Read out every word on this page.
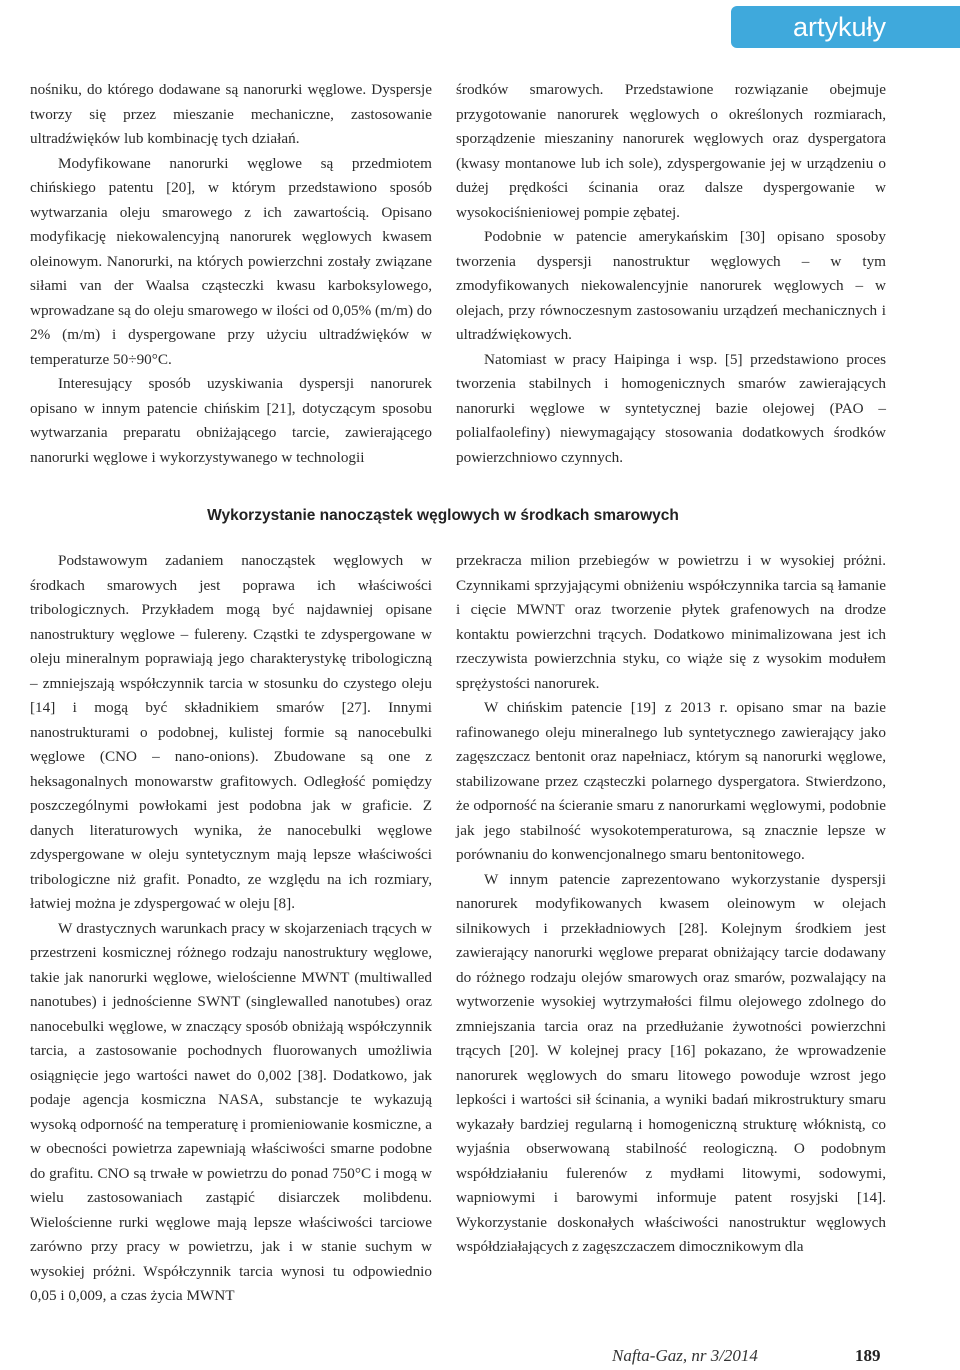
artykuły

nośniku, do którego dodawane są nanorurki węglowe. Dyspersje tworzy się przez mieszanie mechaniczne, zastosowanie ultradźwięków lub kombinację tych działań.

Modyfikowane nanorurki węglowe są przedmiotem chińskiego patentu [20], w którym przedstawiono sposób wytwarzania oleju smarowego z ich zawartością. Opisano modyfikację niekowalencyjną nanorurek węglowych kwasem oleinowym. Nanorurki, na których powierzchni zostały związane siłami van der Waalsa cząsteczki kwasu karboksylowego, wprowadzane są do oleju smarowego w ilości od 0,05% (m/m) do 2% (m/m) i dyspergowane przy użyciu ultradźwięków w temperaturze 50÷90°C.

Interesujący sposób uzyskiwania dyspersji nanorurek opisano w innym patencie chińskim [21], dotyczącym sposobu wytwarzania preparatu obniżającego tarcie, zawierającego nanorurki węglowe i wykorzystywanego w technologii

środków smarowych. Przedstawione rozwiązanie obejmuje przygotowanie nanorurek węglowych o określonych rozmiarach, sporządzenie mieszaniny nanorurek węglowych oraz dyspergatora (kwasy montanowe lub ich sole), zdyspergowanie jej w urządzeniu o dużej prędkości ścinania oraz dalsze dyspergowanie w wysokociśnieniowej pompie zębatej.

Podobnie w patencie amerykańskim [30] opisano sposoby tworzenia dyspersji nanostruktur węglowych – w tym zmodyfikowanych niekowalencyjnie nanorurek węglowych – w olejach, przy równoczesnym zastosowaniu urządzeń mechanicznych i ultradźwiękowych.

Natomiast w pracy Haipinga i wsp. [5] przedstawiono proces tworzenia stabilnych i homogenicznych smarów zawierających nanorurki węglowe w syntetycznej bazie olejowej (PAO – polialfaolefiny) niewymagający stosowania dodatkowych środków powierzchniowo czynnych.

Wykorzystanie nanocząstek węglowych w środkach smarowych

Podstawowym zadaniem nanocząstek węglowych w środkach smarowych jest poprawa ich właściwości tribologicznych. Przykładem mogą być najdawniej opisane nanostruktury węglowe – fulereny. Cząstki te zdyspergowane w oleju mineralnym poprawiają jego charakterystykę tribologiczną – zmniejszają współczynnik tarcia w stosunku do czystego oleju [14] i mogą być składnikiem smarów [27]. Innymi nanostrukturami o podobnej, kulistej formie są nanocebulki węglowe (CNO – nano-onions). Zbudowane są one z heksagonalnych monowarstw grafitowych. Odległość pomiędzy poszczególnymi powłokami jest podobna jak w graficie. Z danych literaturowych wynika, że nanocebulki węglowe zdyspergowane w oleju syntetycznym mają lepsze właściwości tribologiczne niż grafit. Ponadto, ze względu na ich rozmiary, łatwiej można je zdyspergować w oleju [8].

W drastycznych warunkach pracy w skojarzeniach trących w przestrzeni kosmicznej różnego rodzaju nanostruktury węglowe, takie jak nanorurki węglowe, wielościenne MWNT (multiwalled nanotubes) i jednościenne SWNT (singlewalled nanotubes) oraz nanocebulki węglowe, w znaczący sposób obniżają współczynnik tarcia, a zastosowanie pochodnych fluorowanych umożliwia osiągnięcie jego wartości nawet do 0,002 [38]. Dodatkowo, jak podaje agencja kosmiczna NASA, substancje te wykazują wysoką odporność na temperaturę i promieniowanie kosmiczne, a w obecności powietrza zapewniają właściwości smarne podobne do grafitu. CNO są trwałe w powietrzu do ponad 750°C i mogą w wielu zastosowaniach zastąpić disiarczek molibdenu. Wielościenne rurki węglowe mają lepsze właściwości tarciowe zarówno przy pracy w powietrzu, jak i w stanie suchym w wysokiej próżni. Współczynnik tarcia wynosi tu odpowiednio 0,05 i 0,009, a czas życia MWNT

przekracza milion przebiegów w powietrzu i w wysokiej próżni. Czynnikami sprzyjającymi obniżeniu współczynnika tarcia są łamanie i cięcie MWNT oraz tworzenie płytek grafenowych na drodze kontaktu powierzchni trących. Dodatkowo minimalizowana jest ich rzeczywista powierzchnia styku, co wiąże się z wysokim modułem sprężystości nanorurek.

W chińskim patencie [19] z 2013 r. opisano smar na bazie rafinowanego oleju mineralnego lub syntetycznego zawierający jako zagęszczacz bentonit oraz napełniacz, którym są nanorurki węglowe, stabilizowane przez cząsteczki polarnego dyspergatora. Stwierdzono, że odporność na ścieranie smaru z nanorurkami węglowymi, podobnie jak jego stabilność wysokotemperaturowa, są znacznie lepsze w porównaniu do konwencjonalnego smaru bentonitowego.

W innym patencie zaprezentowano wykorzystanie dyspersji nanorurek modyfikowanych kwasem oleinowym w olejach silnikowych i przekładniowych [28]. Kolejnym środkiem jest zawierający nanorurki węglowe preparat obniżający tarcie dodawany do różnego rodzaju olejów smarowych oraz smarów, pozwalający na wytworzenie wysokiej wytrzymałości filmu olejowego zdolnego do zmniejszania tarcia oraz na przedłużanie żywotności powierzchni trących [20]. W kolejnej pracy [16] pokazano, że wprowadzenie nanorurek węglowych do smaru litowego powoduje wzrost jego lepkości i wartości sił ścinania, a wyniki badań mikrostruktury smaru wykazały bardziej regularną i homogeniczną strukturę włóknistą, co wyjaśnia obserwowaną stabilność reologiczną. O podobnym współdziałaniu fulerenów z mydłami litowymi, sodowymi, wapniowymi i barowymi informuje patent rosyjski [14]. Wykorzystanie doskonałych właściwości nanostruktur węglowych współdziałających z zagęszczaczem dimocznikowym dla

Nafta-Gaz, nr 3/2014	189
